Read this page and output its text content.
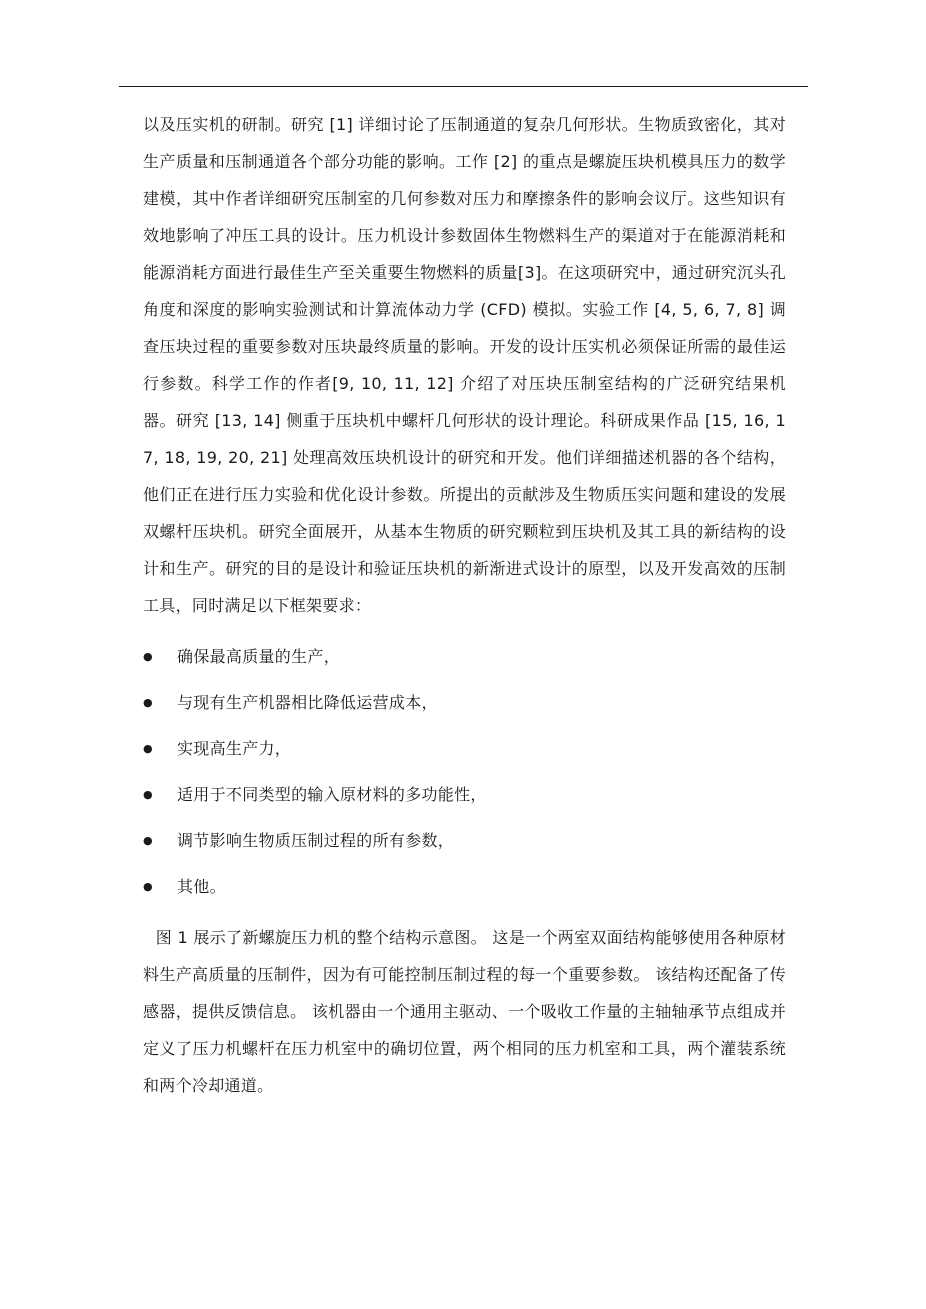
以及压实机的研制。研究 [1] 详细讨论了压制通道的复杂几何形状。生物质致密化，其对生产质量和压制通道各个部分功能的影响。工作 [2] 的重点是螺旋压块机模具压力的数学建模，其中作者详细研究压制室的几何参数对压力和摩擦条件的影响会议厅。这些知识有效地影响了冲压工具的设计。压力机设计参数固体生物燃料生产的渠道对于在能源消耗和能源消耗方面进行最佳生产至关重要生物燃料的质量[3]。在这项研究中，通过研究沉头孔角度和深度的影响实验测试和计算流体动力学 (CFD) 模拟。实验工作 [4, 5, 6, 7, 8] 调查压块过程的重要参数对压块最终质量的影响。开发的设计压实机必须保证所需的最佳运行参数。科学工作的作者[9, 10, 11, 12] 介绍了对压块压制室结构的广泛研究结果机器。研究 [13, 14] 侧重于压块机中螺杆几何形状的设计理论。科研成果作品 [15, 16, 17, 18, 19, 20, 21] 处理高效压块机设计的研究和开发。他们详细描述机器的各个结构，他们正在进行压力实验和优化设计参数。所提出的贡献涉及生物质压实问题和建设的发展双螺杆压块机。研究全面展开，从基本生物质的研究颗粒到压块机及其工具的新结构的设计和生产。研究的目的是设计和验证压块机的新渐进式设计的原型，以及开发高效的压制工具，同时满足以下框架要求：

●	确保最高质量的生产，
●	与现有生产机器相比降低运营成本，
●	实现高生产力，
●	适用于不同类型的输入原材料的多功能性，
●	调节影响生物质压制过程的所有参数，
●	其他。

图 1 展示了新螺旋压力机的整个结构示意图。 这是一个两室双面结构能够使用各种原材料生产高质量的压制件，因为有可能控制压制过程的每一个重要参数。 该结构还配备了传感器，提供反馈信息。 该机器由一个通用主驱动、一个吸收工作量的主轴轴承节点组成并定义了压力机螺杆在压力机室中的确切位置，两个相同的压力机室和工具，两个灌装系统和两个冷却通道。
